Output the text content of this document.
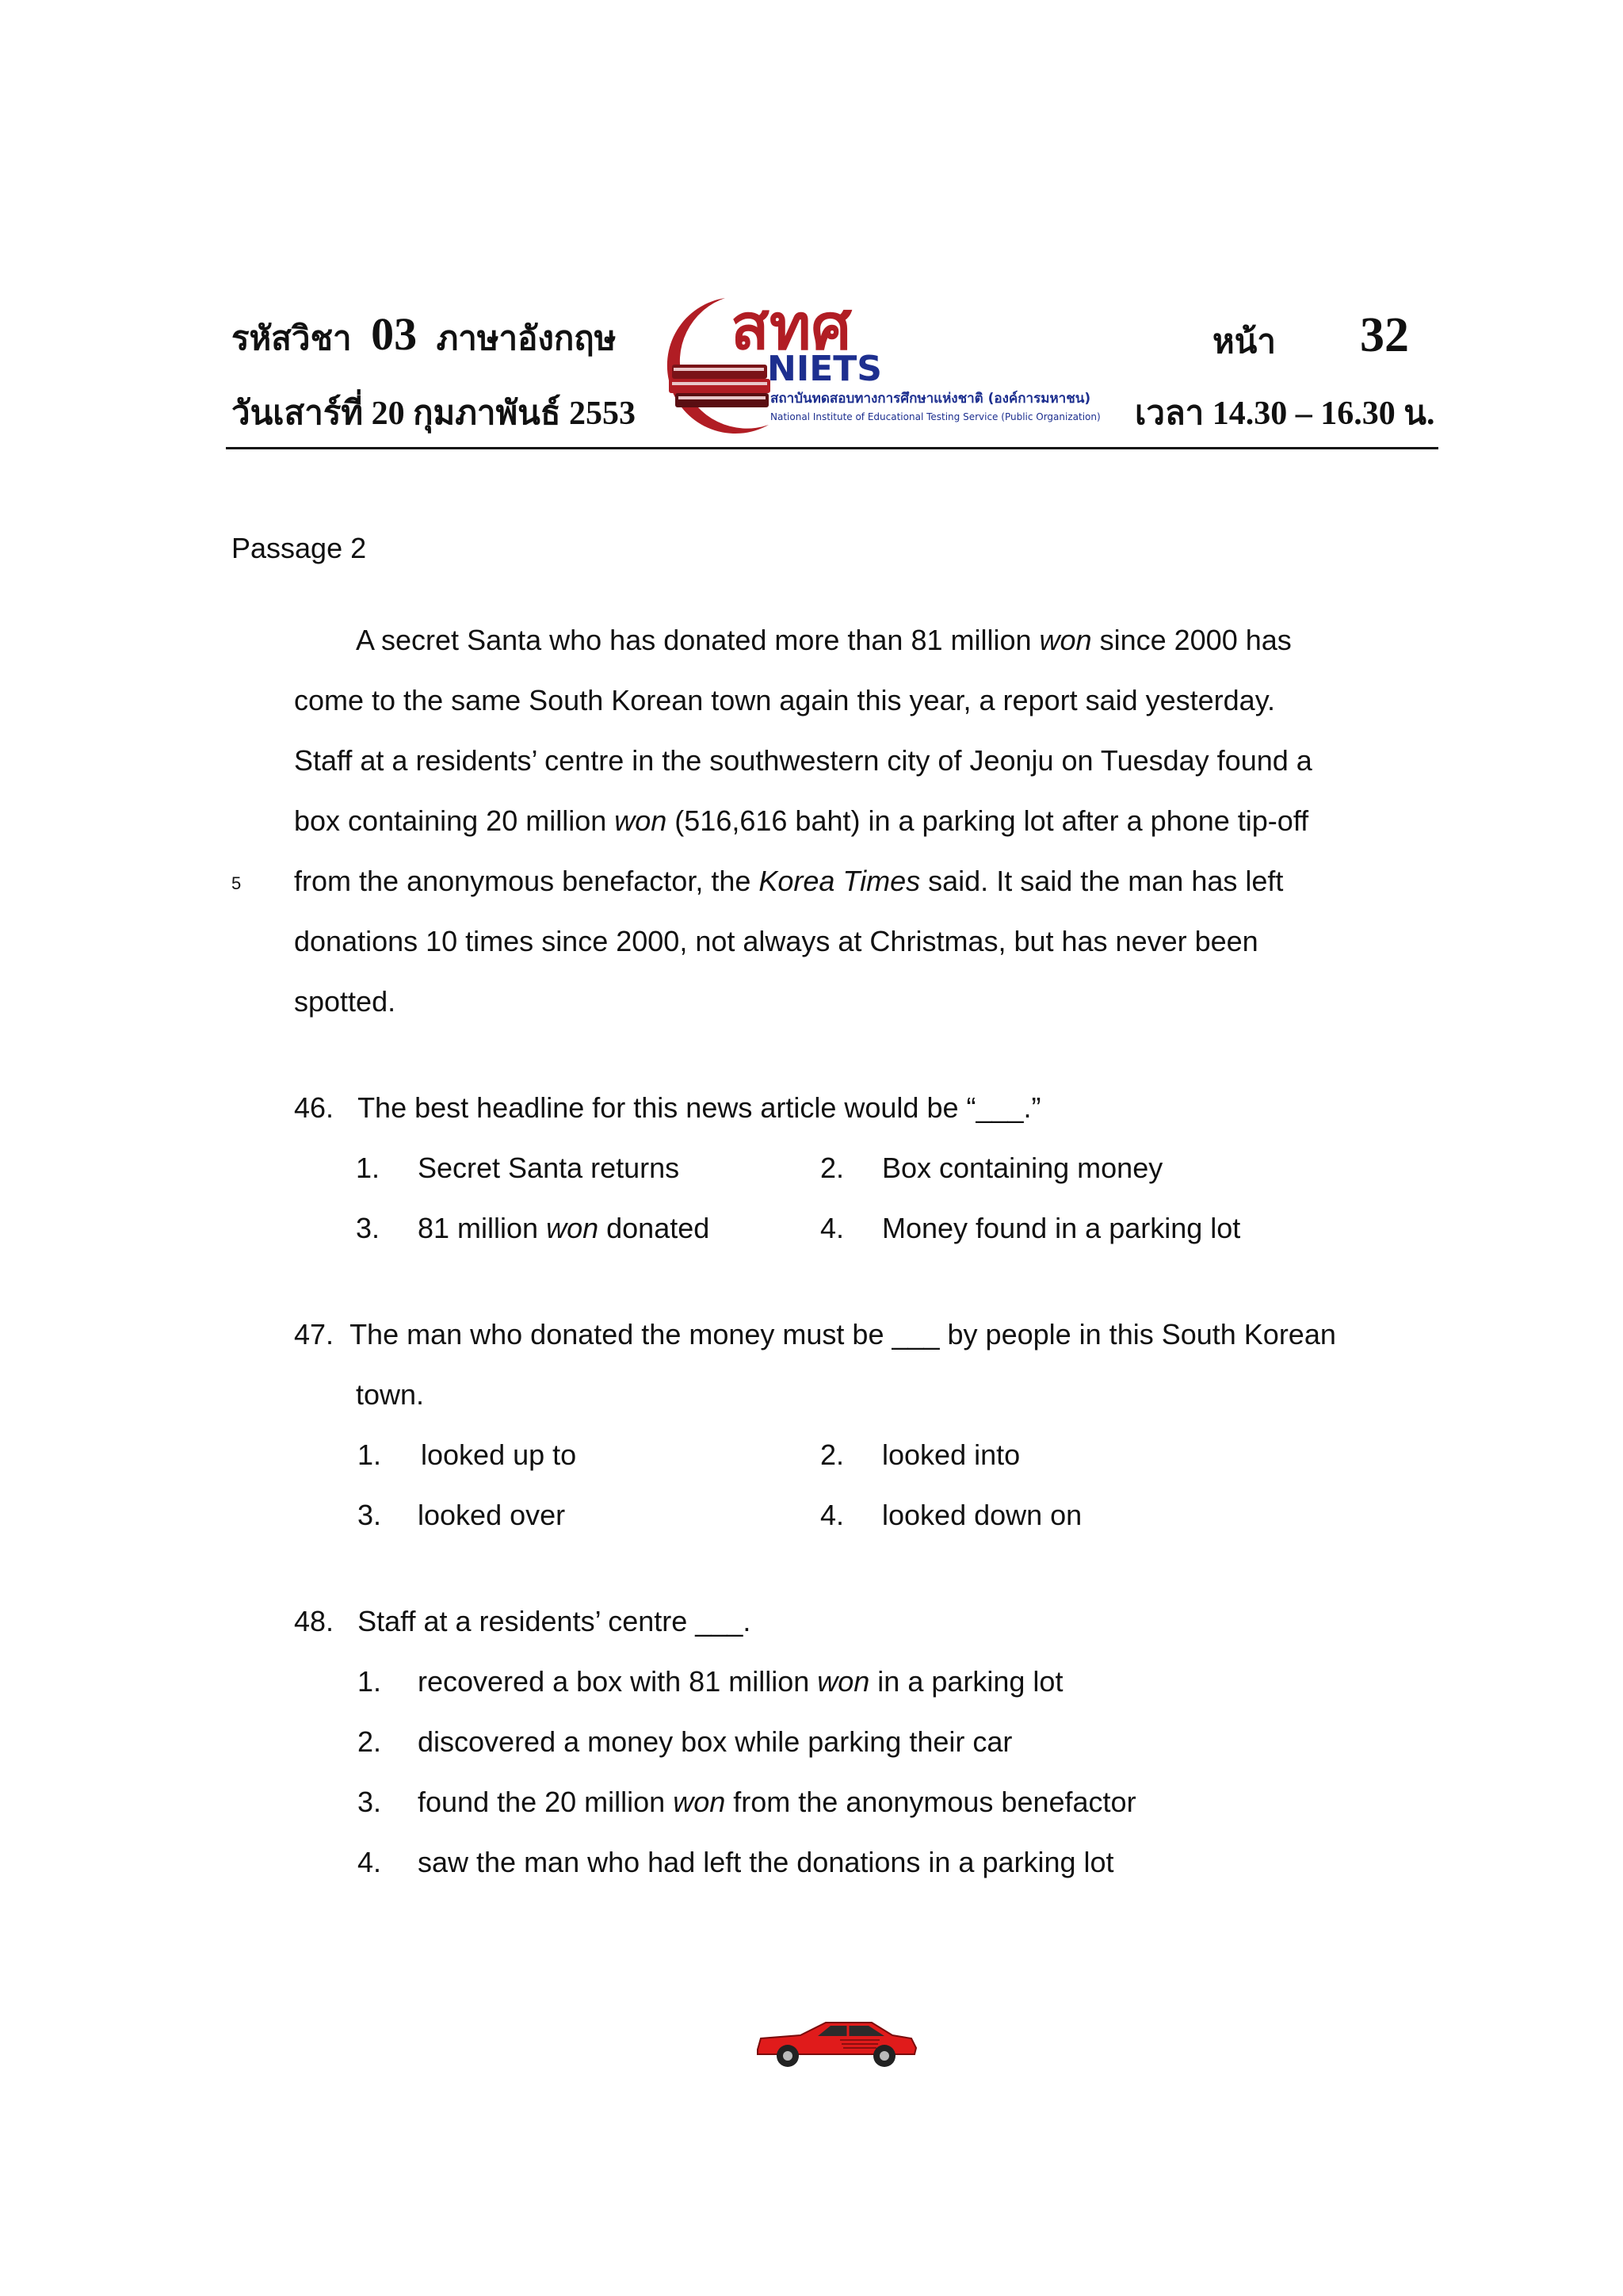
รหัสวิชา 03 ภาษาอังกฤษ
วันเสาร์ที่ 20 กุมภาพันธ์ 2553
หน้า 32
เวลา 14.30 – 16.30 น.
สทศ
NIETS
สถาบันทดสอบทางการศึกษาแห่งชาติ (องค์การมหาชน)
National Institute of Educational Testing Service (Public Organization)
Passage 2
A secret Santa who has donated more than 81 million won since 2000 has
come to the same South Korean town again this year, a report said yesterday.
Staff at a residents’ centre in the southwestern city of Jeonju on Tuesday found a
box containing 20 million won (516,616 baht) in a parking lot after a phone tip-off
5 from the anonymous benefactor, the Korea Times said. It said the man has left
donations 10 times since 2000, not always at Christmas, but has never been
spotted.
46. The best headline for this news article would be “___.”
1. Secret Santa returns	2. Box containing money
3. 81 million won donated	4. Money found in a parking lot
47. The man who donated the money must be ___ by people in this South Korean
town.
1. looked up to	2. looked into
3. looked over	4. looked down on
48. Staff at a residents’ centre ___.
1. recovered a box with 81 million won in a parking lot
2. discovered a money box while parking their car
3. found the 20 million won from the anonymous benefactor
4. saw the man who had left the donations in a parking lot
